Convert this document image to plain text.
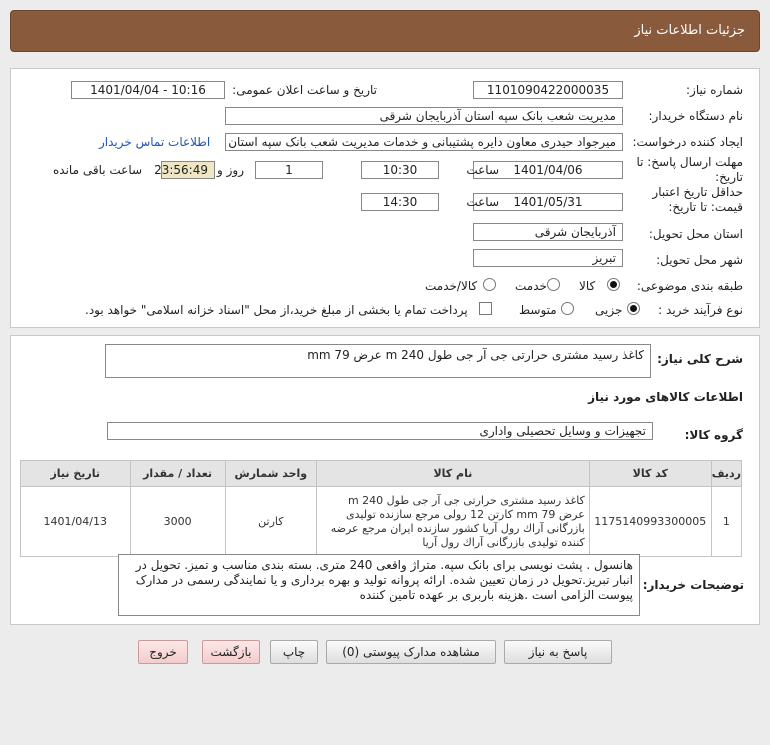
جزئیات اطلاعات نیاز
شماره نیاز:
1101090422000035
تاریخ و ساعت اعلان عمومی:
1401/04/04 - 10:16
نام دستگاه خریدار:
مدیریت شعب بانک سپه استان آذربایجان شرقی
ایجاد کننده درخواست:
میرجواد حیدری معاون دایره پشتیبانی و خدمات مدیریت شعب بانک سپه استان
اطلاعات تماس خریدار
مهلت ارسال پاسخ: تا تاریخ:
1401/04/06
ساعت
10:30
1
روز و
23:56:49
ساعت باقی مانده
حداقل تاریخ اعتبار قیمت: تا تاریخ:
1401/05/31
ساعت
14:30
استان محل تحویل:
آذربایجان شرقی
شهر محل تحویل:
تبریز
طبقه بندی موضوعی:
کالا
خدمت
کالا/خدمت
نوع فرآیند خرید :
جزیی
متوسط
پرداخت تمام یا بخشی از مبلغ خرید،از محل "اسناد خزانه اسلامی" خواهد بود.
شرح کلی نیاز:
کاغذ رسید مشتری حرارتی جی آر جی طول m 240 عرض mm 79
اطلاعات کالاهای مورد نیاز
گروه کالا:
تجهیزات و وسایل تحصیلی واداری
ردیف	کد کالا	نام کالا	واحد شمارش	تعداد / مقدار	تاریخ نیاز
1	1175140993300005	کاغذ رسید مشتری حرارتی جی آر جی طول m 240 عرض 79 mm کارتن 12 رولی مرجع سازنده تولیدی بازرگانی آراك رول آریا کشور سازنده ایران مرجع عرضه کننده تولیدی بازرگانی آراك رول آریا	کارتن	3000	1401/04/13
توضیحات خریدار:
هانسول . پشت نویسی برای بانک سپه. متراژ واقعی 240 متری. بسته بندی مناسب و تمیز. تحویل در انبار تبریز.تحویل در زمان تعیین شده. ارائه پروانه تولید و بهره برداری و یا نمایندگی رسمی در مدارک پیوست الزامی است .هزینه باربری بر عهده تامین کننده
پاسخ به نیاز
مشاهده مدارک پیوستی (0)
چاپ
بازگشت
خروج
